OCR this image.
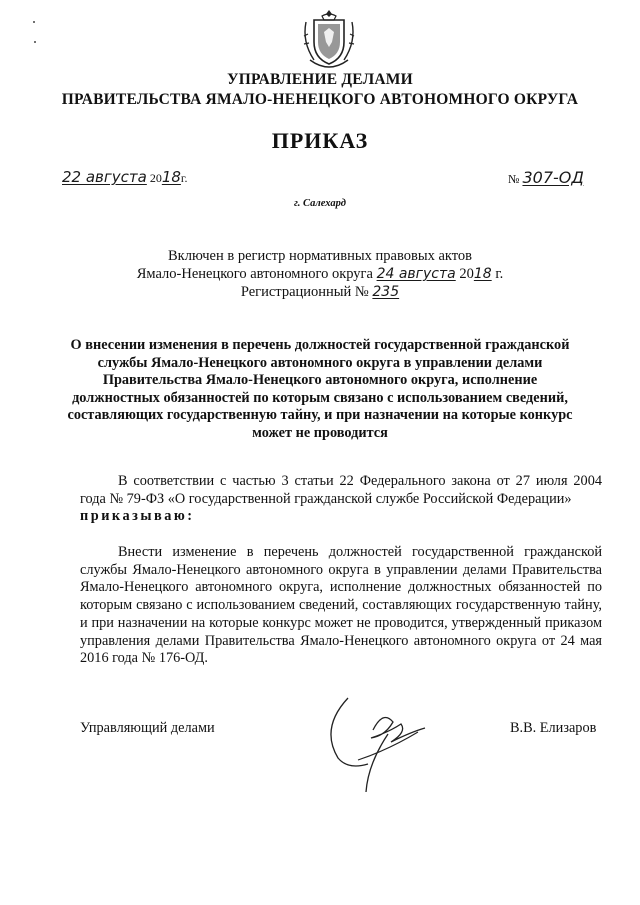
УПРАВЛЕНИЕ ДЕЛАМИ
ПРАВИТЕЛЬСТВА ЯМАЛО-НЕНЕЦКОГО АВТОНОМНОГО ОКРУГА
ПРИКАЗ
22 августа 2018г.	№ 307-ОД
г. Салехард
Включен в регистр нормативных правовых актов
Ямало-Ненецкого автономного округа 24 августа 2018 г.
Регистрационный № 235
О внесении изменения в перечень должностей государственной гражданской службы Ямало-Ненецкого автономного округа в управлении делами Правительства Ямало-Ненецкого автономного округа, исполнение должностных обязанностей по которым связано с использованием сведений, составляющих государственную тайну, и при назначении на которые конкурс может не проводится
В соответствии с частью 3 статьи 22 Федерального закона от 27 июля 2004 года № 79-ФЗ «О государственной гражданской службе Российской Федерации»
приказываю:
Внести изменение в перечень должностей государственной гражданской службы Ямало-Ненецкого автономного округа в управлении делами Правительства Ямало-Ненецкого автономного округа, исполнение должностных обязанностей по которым связано с использованием сведений, составляющих государственную тайну, и при назначении на которые конкурс может не проводится, утвержденный приказом управления делами Правительства Ямало-Ненецкого автономного округа от 24 мая 2016 года № 176-ОД.
Управляющий делами	В.В. Елизаров
